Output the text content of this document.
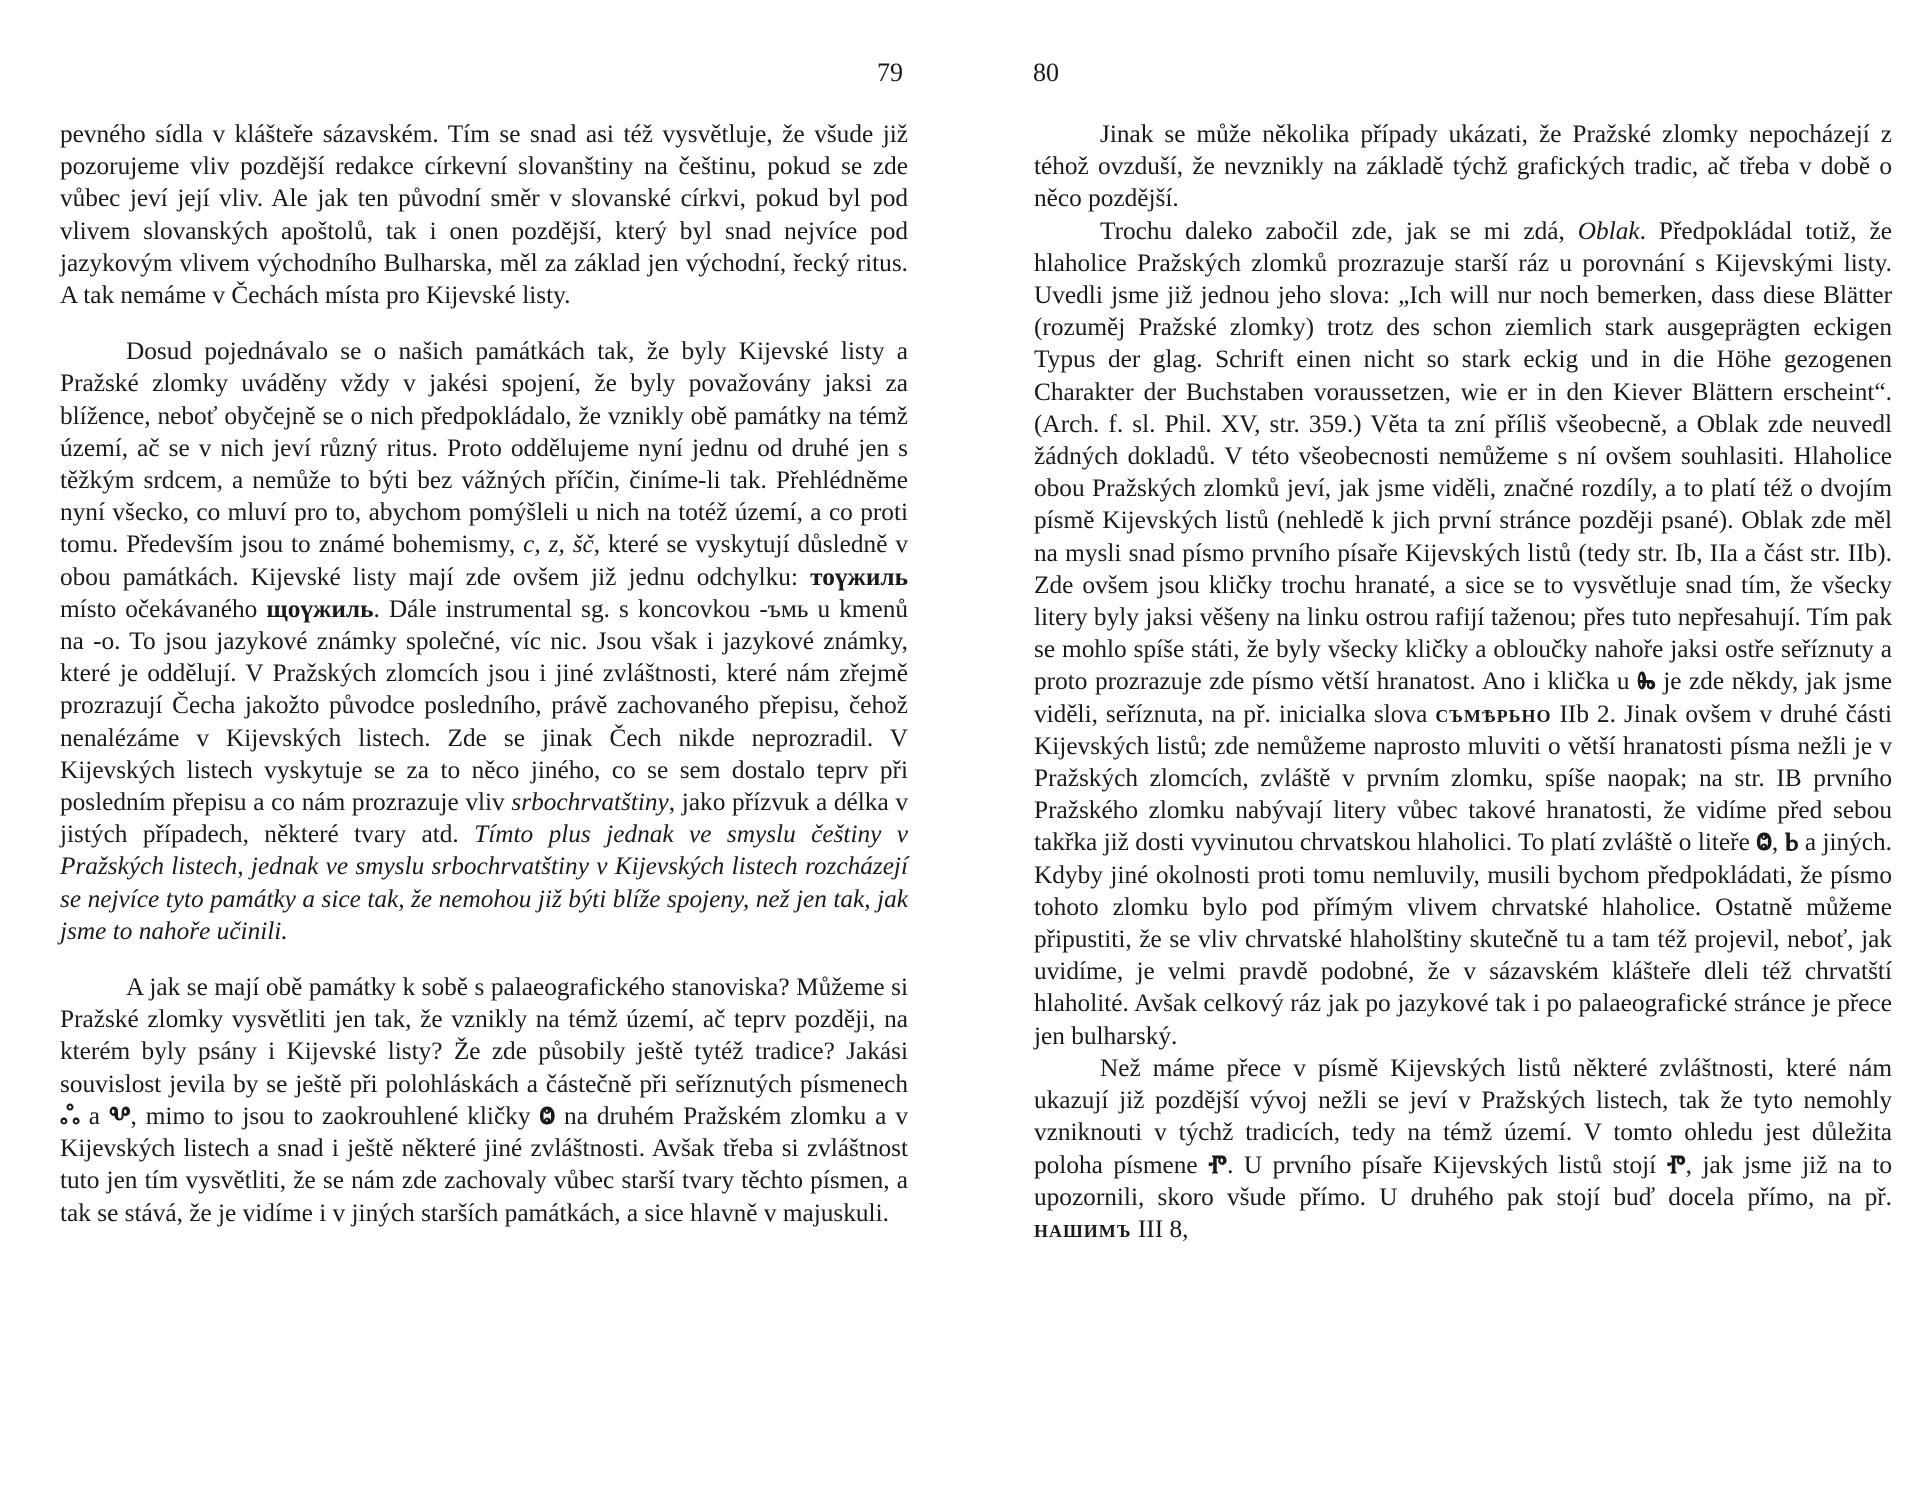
79

pevného sídla v klášteře sázavském. Tím se snad asi též vysvětluje, že všude již pozorujeme vliv pozdější redakce církevní slovanštiny na češtinu, pokud se zde vůbec jeví její vliv. Ale jak ten původní směr v slovanské církvi, pokud byl pod vlivem slovanských apoštolů, tak i onen pozdější, který byl snad nejvíce pod jazykovým vlivem východního Bulharska, měl za základ jen východní, řecký ritus. A tak nemáme v Čechách místa pro Kijevské listy.

Dosud pojednávalo se o našich památkách tak, že byly Kijevské listy a Pražské zlomky uváděny vždy v jakési spojení, že byly považovány jaksi za blížence, neboť obyčejně se o nich předpokládalo, že vznikly obě památky na témž území, ač se v nich jeví různý ritus. Proto oddělujeme nyní jednu od druhé jen s těžkým srdcem, a nemůže to býti bez vážných příčin, činíme-li tak. Přehlédněme nyní všecko, co mluví pro to, abychom pomýšleli u nich na totéž území, a co proti tomu. Především jsou to známé bohemismy, c, z, šč, které se vyskytují důsledně v obou památkách. Kijevské listy mají zde ovšem již jednu odchylku: тоүжиль místo očekávaného щоүжиль. Dále instrumental sg. s koncovkou -ъмь u kmenů na -o. To jsou jazykové známky společné, víc nic. Jsou však i jazykové známky, které je oddělují. V Pražských zlomcích jsou i jiné zvláštnosti, které nám zřejmě prozrazují Čecha jakožto původce posledního, právě zachovaného přepisu, čehož nenalézáme v Kijevských listech. Zde se jinak Čech nikde neprozradil. V Kijevských listech vyskytuje se za to něco jiného, co se sem dostalo teprv při posledním přepisu a co nám prozrazuje vliv srbochrvatštiny, jako přízvuk a délka v jistých případech, některé tvary atd. Tímto plus jednak ve smyslu češtiny v Pražských listech, jednak ve smyslu srbochrvatštiny v Kijevských listech rozcházejí se nejvíce tyto památky a sice tak, že nemohou již býti blíže spojeny, než jen tak, jak jsme to nahoře učinili.

A jak se mají obě památky k sobě s palaeografického stanoviska? Můžeme si Pražské zlomky vysvětliti jen tak, že vznikly na témž území, ač teprv později, na kterém byly psány i Kijevské listy? Že zde působily ještě tytéž tradice? Jakási souvislost jevila by se ještě při polohláskách a částečně při seříznutých písmenech ஃ a Ⰲ, mimo to jsou to zaokrouhlené kličky Ⱉ na druhém Pražském zlomku a v Kijevských listech a snad i ještě některé jiné zvláštnosti. Avšak třeba si zvláštnost tuto jen tím vysvětliti, že se nám zde zachovaly vůbec starší tvary těchto písmen, a tak se stává, že je vidíme i v jiných starších památkách, a sice hlavně v majuskuli.

80

Jinak se může několika případy ukázati, že Pražské zlomky nepocházejí z téhož ovzduší, že nevznikly na základě týchž grafických tradic, ač třeba v době o něco pozdější.

Trochu daleko zabočil zde, jak se mi zdá, Oblak. Předpokládal totiž, že hlaholice Pražských zlomků prozrazuje starší ráz u porovnání s Kijevskými listy. Uvedli jsme již jednou jeho slova: „Ich will nur noch bemerken, dass diese Blätter (rozuměj Pražské zlomky) trotz des schon ziemlich stark ausgeprägten eckigen Typus der glag. Schrift einen nicht so stark eckig und in die Höhe gezogenen Charakter der Buchstaben voraussetzen, wie er in den Kiever Blättern erscheint“. (Arch. f. sl. Phil. XV, str. 359.) Věta ta zní příliš všeobecně, a Oblak zde neuvedl žádných dokladů. V této všeobecnosti nemůžeme s ní ovšem souhlasiti. Hlaholice obou Pražských zlomků jeví, jak jsme viděli, značné rozdíly, a to platí též o dvojím písmě Kijevských listů (nehledě k jich první stránce později psané). Oblak zde měl na mysli snad písmo prvního písaře Kijevských listů (tedy str. Ib, IIa a část str. IIb). Zde ovšem jsou kličky trochu hranaté, a sice se to vysvětluje snad tím, že všecky litery byly jaksi věšeny na linku ostrou rafijí taženou; přes tuto nepřesahují. Tím pak se mohlo spíše státi, že byly všecky kličky a obloučky nahoře jaksi ostře seříznuty a proto prozrazuje zde písmo větší hranatost. Ano i klička u Ⰸ je zde někdy, jak jsme viděli, seříznuta, na př. inicialka slova съмѣрьно IIb 2. Jinak ovšem v druhé části Kijevských listů; zde nemůžeme naprosto mluviti o větší hranatosti písma nežli je v Pražských zlomcích, zvláště v prvním zlomku, spíše naopak; na str. IB prvního Pražského zlomku nabývají litery vůbec takové hranatosti, že vidíme před sebou takřka již dosti vyvinutou chrvatskou hlaholici. To platí zvláště o liteře Ⱉ, Ⱃ a jiných. Kdyby jiné okolnosti proti tomu nemluvily, musili bychom předpokládati, že písmo tohoto zlomku bylo pod přímým vlivem chrvatské hlaholice. Ostatně můžeme připustiti, že se vliv chrvatské hlaholštiny skutečně tu a tam též projevil, neboť, jak uvidíme, je velmi pravdě podobné, že v sázavském klášteře dleli též chrvatští hlaholité. Avšak celkový ráz jak po jazykové tak i po palaeografické stránce je přece jen bulharský.

Než máme přece v písmě Kijevských listů některé zvláštnosti, které nám ukazují již pozdější vývoj nežli se jeví v Pražských listech, tak že tyto nemohly vzniknouti v týchž tradicích, tedy na témž území. V tomto ohledu jest důležita poloha písmene Ⱂ. U prvního písaře Kijevských listů stojí Ⱂ, jak jsme již na to upozornili, skoro všude přímo. U druhého pak stojí buď docela přímo, na př. нашимъ III 8,
